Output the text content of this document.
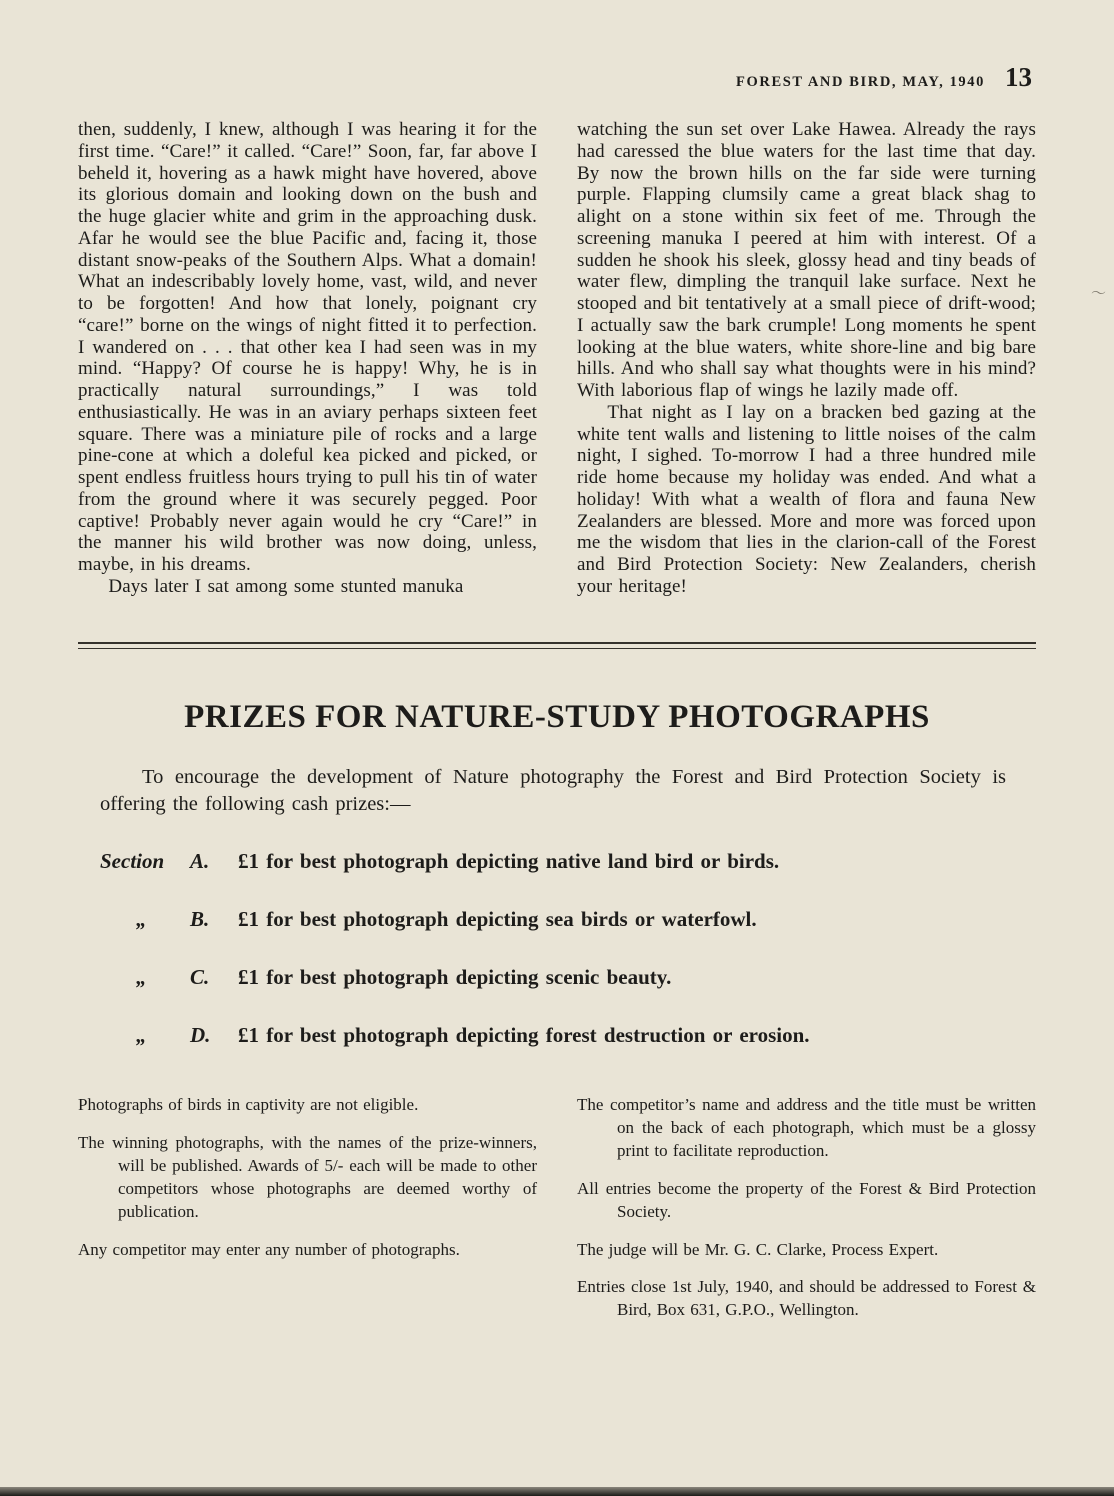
FOREST AND BIRD, MAY, 1940 13

then, suddenly, I knew, although I was hearing it for the first time. “Care!” it called. “Care!” Soon, far, far above I beheld it, hovering as a hawk might have hovered, above its glorious domain and looking down on the bush and the huge glacier white and grim in the approaching dusk. Afar he would see the blue Pacific and, facing it, those distant snow-peaks of the Southern Alps. What a domain! What an indescribably lovely home, vast, wild, and never to be forgotten! And how that lonely, poignant cry “care!” borne on the wings of night fitted it to perfection. I wandered on . . . that other kea I had seen was in my mind. “Happy? Of course he is happy! Why, he is in practically natural surroundings,” I was told enthusiastically. He was in an aviary perhaps sixteen feet square. There was a miniature pile of rocks and a large pine-cone at which a doleful kea picked and picked, or spent endless fruitless hours trying to pull his tin of water from the ground where it was securely pegged. Poor captive! Probably never again would he cry “Care!” in the manner his wild brother was now doing, unless, maybe, in his dreams.

Days later I sat among some stunted manuka

watching the sun set over Lake Hawea. Already the rays had caressed the blue waters for the last time that day. By now the brown hills on the far side were turning purple. Flapping clumsily came a great black shag to alight on a stone within six feet of me. Through the screening manuka I peered at him with interest. Of a sudden he shook his sleek, glossy head and tiny beads of water flew, dimpling the tranquil lake surface. Next he stooped and bit tentatively at a small piece of drift-wood; I actually saw the bark crumple! Long moments he spent looking at the blue waters, white shore-line and big bare hills. And who shall say what thoughts were in his mind? With laborious flap of wings he lazily made off.

That night as I lay on a bracken bed gazing at the white tent walls and listening to little noises of the calm night, I sighed. To-morrow I had a three hundred mile ride home because my holiday was ended. And what a holiday! With what a wealth of flora and fauna New Zealanders are blessed. More and more was forced upon me the wisdom that lies in the clarion-call of the Forest and Bird Protection Society: New Zealanders, cherish your heritage!

PRIZES FOR NATURE-STUDY PHOTOGRAPHS

To encourage the development of Nature photography the Forest and Bird Protection Society is offering the following cash prizes:—

Section	A.	£1 for best photograph depicting native land bird or birds.
„	B.	£1 for best photograph depicting sea birds or waterfowl.
„	C.	£1 for best photograph depicting scenic beauty.
„	D.	£1 for best photograph depicting forest destruction or erosion.

Photographs of birds in captivity are not eligible.

The winning photographs, with the names of the prize-winners, will be published. Awards of 5/- each will be made to other competitors whose photographs are deemed worthy of publication.

Any competitor may enter any number of photographs.

The competitor’s name and address and the title must be written on the back of each photograph, which must be a glossy print to facilitate reproduction.

All entries become the property of the Forest & Bird Protection Society.

The judge will be Mr. G. C. Clarke, Process Expert.

Entries close 1st July, 1940, and should be addressed to Forest & Bird, Box 631, G.P.O., Wellington.

〜
